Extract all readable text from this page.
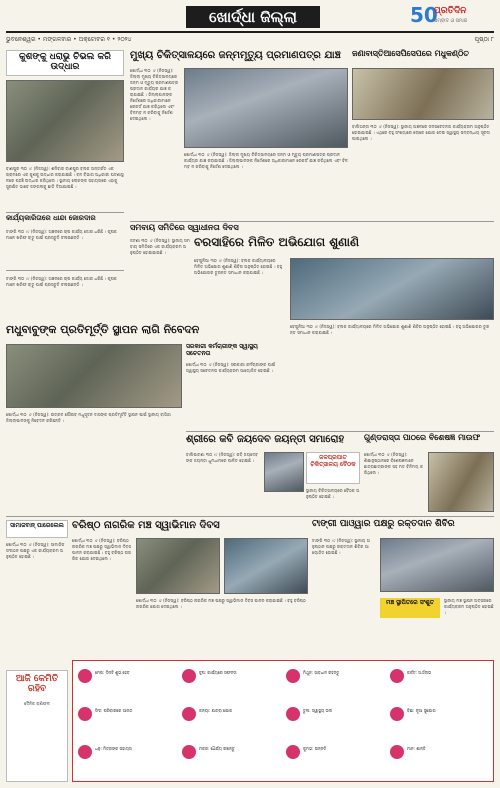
ଖୋର୍ଦ୍ଧା ଜିଲ୍ଲା	50
ପ୍ରତିଦିନ
ସମ୍ବାଦ ଓ ସମାଜ
ଭୁବନେଶ୍ୱର • ମଙ୍ଗଳବାର • ଅକ୍ଟୋବର ୧ • ୨୦୨୪	ପୃଷ୍ଠା ୮
କୁଶଙ୍କୁ ଧରାଭୁ ଚିଭଲ କରି ଉଦ୍ଧାର
ବାଣପୁର ୩୦ ।୯ (ନିଜସ୍ୱ): ଶନିବାର ବାଣପୁର ବ୍ଲକ ଅନ୍ତର୍ଗତ ଏକ ଗ୍ରାମରେ ଏକ କୁଶକୁ ଉଦ୍ଧାର କରାଯାଇଛି । ବନ ବିଭାଗ ଅଧିକାରୀ ଘଟଣାସ୍ଥଳରେ ପହଞ୍ଚି ଉଦ୍ଧାର କରିଥିଲେ । ସ୍ଥାନୀୟ ଲୋକଙ୍କ ସହାୟତାରେ ଏହାକୁ ସୁରକ୍ଷିତ ଭାବେ ଜଙ୍ଗଲକୁ ଛାଡି ଦିଆଯାଇଛି ।
କାର୍ଯ୍ୟକାରିତାରେ ଧାନ୍ଦା ଜୋରଦାର
ଟାଙ୍ଗି ୩୦ ।୯ (ନିଜସ୍ୱ): ଅଞ୍ଚଳରେ ଚାଷ କାର୍ଯ୍ୟ ଜୋର ଧରିଛି । କୃଷକମାନେ ଖରିଫ ଋତୁ ପାଇଁ ପ୍ରସ୍ତୁତି ଚଳାଇଛନ୍ତି ।
ମୁଖ୍ୟ ଚିକିତ୍ସାଳୟରେ ଜନ୍ମମୃତ୍ୟୁ ପ୍ରମାଣପତ୍ର ଯାଞ୍ଚ
ଖୋର୍ଦ୍ଧା ୩୦ ।୯ (ନିଜସ୍ୱ): ଜିଲ୍ଲା ମୁଖ୍ୟ ଚିକିତ୍ସାଳୟରେ ଜନ୍ମ ଓ ମୃତ୍ୟୁ ପ୍ରମାଣପତ୍ର ପ୍ରଦାନ କାର୍ଯ୍ୟର ଯାଞ୍ଚ କରାଯାଇଛି । ଜିଲ୍ଲାପାଳଙ୍କ ନିର୍ଦ୍ଦେଶରେ ଅଧିକାରୀମାନେ ରେକର୍ଡ ଯାଞ୍ଚ କରିଥିଲେ ଏବଂ ବିଳମ୍ବ ନ କରିବାକୁ ନିର୍ଦ୍ଦେଶ ଦେଇଥିଲେ ।
ଖୋର୍ଦ୍ଧା ୩୦ ।୯ (ନିଜସ୍ୱ): ଜିଲ୍ଲା ମୁଖ୍ୟ ଚିକିତ୍ସାଳୟରେ ଜନ୍ମ ଓ ମୃତ୍ୟୁ ପ୍ରମାଣପତ୍ର ପ୍ରଦାନ କାର୍ଯ୍ୟର ଯାଞ୍ଚ କରାଯାଇଛି । ଜିଲ୍ଲାପାଳଙ୍କ ନିର୍ଦ୍ଦେଶରେ ଅଧିକାରୀମାନେ ରେକର୍ଡ ଯାଞ୍ଚ କରିଥିଲେ ଏବଂ ବିଳମ୍ବ ନ କରିବାକୁ ନିର୍ଦ୍ଦେଶ ଦେଇଥିଲେ ।
ଜଣାବାସ୍ତିଆସେପିସେପରେ ମଧୁକଣ୍ଠିତ
ବାଲିଅନ୍ତା ୩୦ ।୯ (ନିଜସ୍ୱ): ସ୍ଥାନୀୟ ଅଞ୍ଚଳରେ ଜନସଚେତନତା କାର୍ଯ୍ୟକ୍ରମ ଅନୁଷ୍ଠିତ ହୋଇଯାଇଛି । ଏଥିରେ ବହୁ ସଂଖ୍ୟାରେ ଲୋକେ ଯୋଗ ଦେଇ ସ୍ୱାସ୍ଥ୍ୟ ସମ୍ବନ୍ଧୀୟ ସୂଚନା ପାଇଥିଲେ ।
ସମବାୟ ସମିତିରେ ସ୍ୱାଧୀନତା ଦିବସ
ଜଟଣୀ ୩୦ ।୯ (ନିଜସ୍ୱ): ସ୍ଥାନୀୟ ସମବାୟ ସମିତିରେ ଏକ କାର୍ଯ୍ୟକ୍ରମ ଅନୁଷ୍ଠିତ ହୋଇଯାଇଛି ।
ବରସାହିରେ ମିଳିତ ଅଭିଯୋଗ ଶୁଣାଣି
ବେଗୁନିଆ ୩୦ ।୯ (ନିଜସ୍ୱ): ବ୍ଲକ କାର୍ଯ୍ୟାଳୟରେ ମିଳିତ ଅଭିଯୋଗ ଶୁଣାଣି ଶିବିର ଅନୁଷ୍ଠିତ ହୋଇଛି । ବହୁ ଅଭିଯୋଗର ତୁରନ୍ତ ସମାଧାନ କରାଯାଇଛି ।
ମଧୁବାବୁଙ୍କ ପ୍ରତିମୂର୍ତ୍ତି ସ୍ଥାପନ ଲାଗି ନିବେଦନ
ଖୋର୍ଦ୍ଧା ୩୦ ।୯ (ନିଜସ୍ୱ): ଉତ୍କଳ ଗୌରବ ମଧୁସୂଦନ ଦାସଙ୍କ ପ୍ରତିମୂର୍ତ୍ତି ସ୍ଥାପନ ପାଇଁ ସ୍ଥାନୀୟ ବାସିନ୍ଦା ଜିଲ୍ଲାପାଳଙ୍କୁ ନିବେଦନ କରିଛନ୍ତି ।
ଟାଙ୍ଗି ୩୦ ।୯ (ନିଜସ୍ୱ): ଅଞ୍ଚଳରେ ଚାଷ କାର୍ଯ୍ୟ ଜୋର ଧରିଛି । କୃଷକମାନେ ଖରିଫ ଋତୁ ପାଇଁ ପ୍ରସ୍ତୁତି ଚଳାଇଛନ୍ତି ।
ସରକାରୀ କର୍ମଚାରୀଙ୍କ ସ୍ୱାସ୍ଥ୍ୟ ସଚେତନତା
ଖୋର୍ଦ୍ଧା ୩୦ ।୯ (ନିଜସ୍ୱ): ସରକାରୀ କର୍ମଚାରୀଙ୍କ ପାଇଁ ସ୍ୱାସ୍ଥ୍ୟ ସଚେତନତା କାର୍ଯ୍ୟକ୍ରମ ଆୟୋଜିତ ହୋଇଛି ।
ବେଗୁନିଆ ୩୦ ।୯ (ନିଜସ୍ୱ): ବ୍ଲକ କାର୍ଯ୍ୟାଳୟରେ ମିଳିତ ଅଭିଯୋଗ ଶୁଣାଣି ଶିବିର ଅନୁଷ୍ଠିତ ହୋଇଛି । ବହୁ ଅଭିଯୋଗର ତୁରନ୍ତ ସମାଧାନ କରାଯାଇଛି ।
ଶ୍ରୀରେ କବି ଜୟଦେବ ଜୟନ୍ତୀ ସମାରୋହ
ବାଲିପାଟଣା ୩୦ ।୯ (ନିଜସ୍ୱ): କବି ଜୟଦେବଙ୍କ ଜୟନ୍ତୀ ଧୁମଧାମରେ ପାଳିତ ହୋଇଛି ।	ଜଳପ୍ରପାତ ଚିକିତ୍ସାଳୟ ବୈଠକ
ସ୍ଥାନୀୟ ଚିକିତ୍ସାଳୟରେ ବୈଠକ ଅନୁଷ୍ଠିତ ହୋଇଛି ।
ଗୁଣ୍ଡରାସ୍ତା ପାଠରେ ବିଶେଷଜ୍ଞ ମାଉଫ
ଖୋର୍ଦ୍ଧା ୩୦ ।୯ (ନିଜସ୍ୱ): ଶିକ୍ଷାନୁଷ୍ଠାନରେ ବିଶେଷଜ୍ଞମାନେ ଛାତ୍ରଛାତ୍ରୀଙ୍କ ସହ ମତ ବିନିମୟ କରିଥିଲେ ।
ସାମାଜବାନ୍ ପାରେଲେଲ
ଖୋର୍ଦ୍ଧା ୩୦ ।୯ (ନିଜସ୍ୱ): ସାମାଜିକ ସଂଗଠନ ପକ୍ଷରୁ ଏକ କାର୍ଯ୍ୟକ୍ରମ ଅନୁଷ୍ଠିତ ହୋଇଛି ।
ବରିଷ୍ଠ ନାଗରିକ ମଞ୍ଚ ସ୍ୱାଭିମାନ ଦିବସ
ଖୋର୍ଦ୍ଧା ୩୦ ।୯ (ନିଜସ୍ୱ): ବରିଷ୍ଠ ନାଗରିକ ମଞ୍ଚ ପକ୍ଷରୁ ସ୍ୱାଭିମାନ ଦିବସ ପାଳନ କରାଯାଇଛି । ବହୁ ବରିଷ୍ଠ ନାଗରିକ ଯୋଗ ଦେଇଥିଲେ ।
ଖୋର୍ଦ୍ଧା ୩୦ ।୯ (ନିଜସ୍ୱ): ବରିଷ୍ଠ ନାଗରିକ ମଞ୍ଚ ପକ୍ଷରୁ ସ୍ୱାଭିମାନ ଦିବସ ପାଳନ କରାଯାଇଛି । ବହୁ ବରିଷ୍ଠ ନାଗରିକ ଯୋଗ ଦେଇଥିଲେ ।
ଟାଙ୍ଗୀ ପାଓ୍ୱାର ପକ୍ଷରୁ ରକ୍ତଦାନ ଶିବିର
ଟାଙ୍ଗି ୩୦ ।୯ (ନିଜସ୍ୱ): ସ୍ଥାନୀୟ ଅନୁଷ୍ଠାନ ପକ୍ଷରୁ ରକ୍ତଦାନ ଶିବିର ଆୟୋଜିତ ହୋଇଛି ।
ମଞ୍ଚ ସ୍ଥାପିତରେ ସଂଶୁତ	ସ୍ଥାନୀୟ ମଞ୍ଚ ସ୍ଥାପନ ଅବସରରେ କାର୍ଯ୍ୟକ୍ରମ ଅନୁଷ୍ଠିତ ହୋଇଛି ।
ଆଜି କେମିତି ରହିବ
ଦୈନିକ ରାଶିଫଳ
ମେଷ: ଦିନଟି ଶୁଭ ହେବ	ବୃଷ: କାର୍ଯ୍ୟରେ ସଫଳତା	ମିଥୁନ: ସାବଧାନ ରହନ୍ତୁ	କର୍କଟ: ଅର୍ଥଲାଭ
ସିଂହ: ପରିବାରରେ ଆନନ୍ଦ	କନ୍ୟା: ଯାତ୍ରା ଯୋଗ	ତୁଳା: ସ୍ୱାସ୍ଥ୍ୟ ଭଲ	ବିଛା: ନୂଆ ସୁଯୋଗ
ଧନୁ: ମିତ୍ରଙ୍କ ସହାୟତା	ମକର: ଧୈର୍ଯ୍ୟ ରଖନ୍ତୁ	କୁମ୍ଭ: ଉନ୍ନତି	ମୀନ: ଶାନ୍ତି
